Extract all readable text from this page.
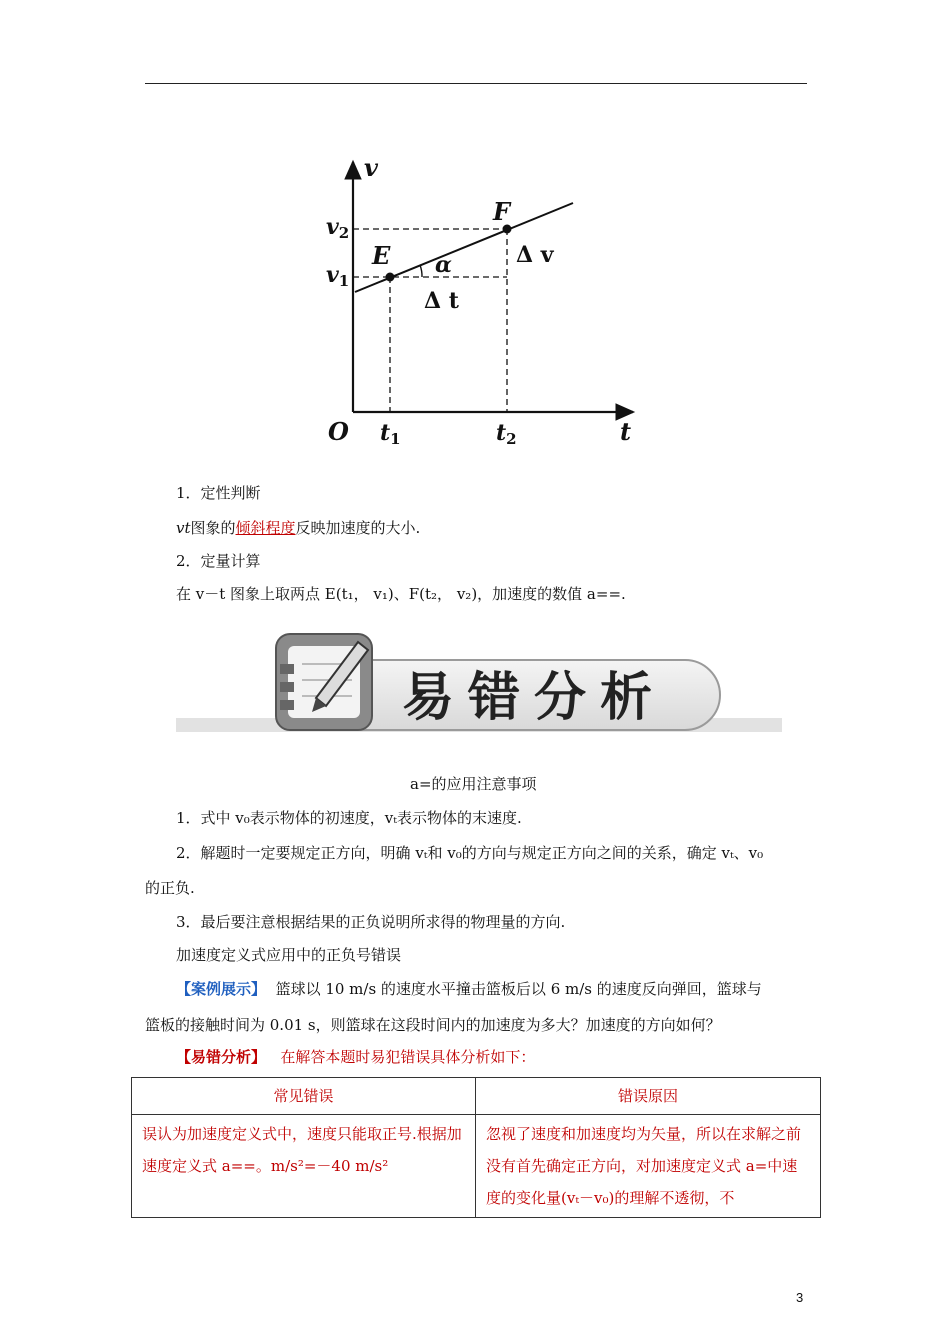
v
t
O
v2
v1
t1	t2
E
F
α	Δ v
Δ t
1．定性判断
vt图象的倾斜程度反映加速度的大小.
2．定量计算
在 v－t 图象上取两点 E(t₁， v₁)、F(t₂， v₂)，加速度的数值 a==.
易错分析
a=的应用注意事项
1．式中 v₀表示物体的初速度，vₜ表示物体的末速度.
2．解题时一定要规定正方向，明确 vₜ和 v₀的方向与规定正方向之间的关系，确定 vₜ、v₀
的正负.
3．最后要注意根据结果的正负说明所求得的物理量的方向.
加速度定义式应用中的正负号错误
【案例展示】 篮球以 10 m/s 的速度水平撞击篮板后以 6 m/s 的速度反向弹回，篮球与
篮板的接触时间为 0.01 s，则篮球在这段时间内的加速度为多大？加速度的方向如何？
【易错分析】 在解答本题时易犯错误具体分析如下：
常见错误	错误原因
误认为加速度定义式中，速度只能取正号.根据加速度定义式 a==。m/s²=－40 m/s²	忽视了速度和加速度均为矢量，所以在求解之前没有首先确定正方向，对加速度定义式 a=中速度的变化量(vₜ－v₀)的理解不透彻，不
3
